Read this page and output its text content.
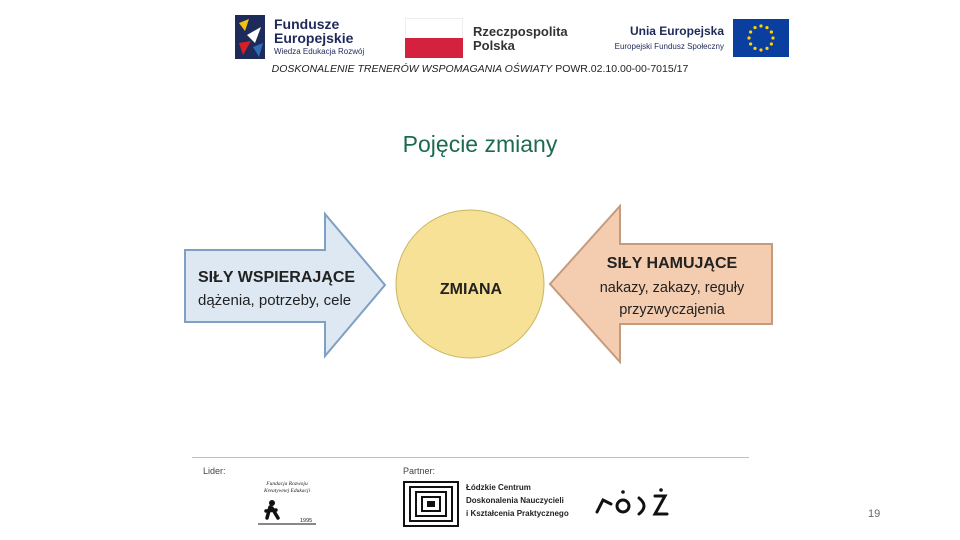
Fundusze
Europejskie
Wiedza Edukacja Rozwój
Rzeczpospolita
Polska
Unia Europejska
Europejski Fundusz Społeczny
DOSKONALENIE TRENERÓW WSPOMAGANIA OŚWIATY POWR.02.10.00-00-7015/17
Pojęcie zmiany
SIŁY WSPIERAJĄCE
dążenia, potrzeby, cele
ZMIANA
SIŁY HAMUJĄCE
nakazy, zakazy, reguły
przyzwyczajenia
Lider:	Partner:
Fundacja Rozwoju
Kreatywnej Edukacji
1995
Łódzkie Centrum
Doskonalenia Nauczycieli
i Kształcenia Praktycznego	19
